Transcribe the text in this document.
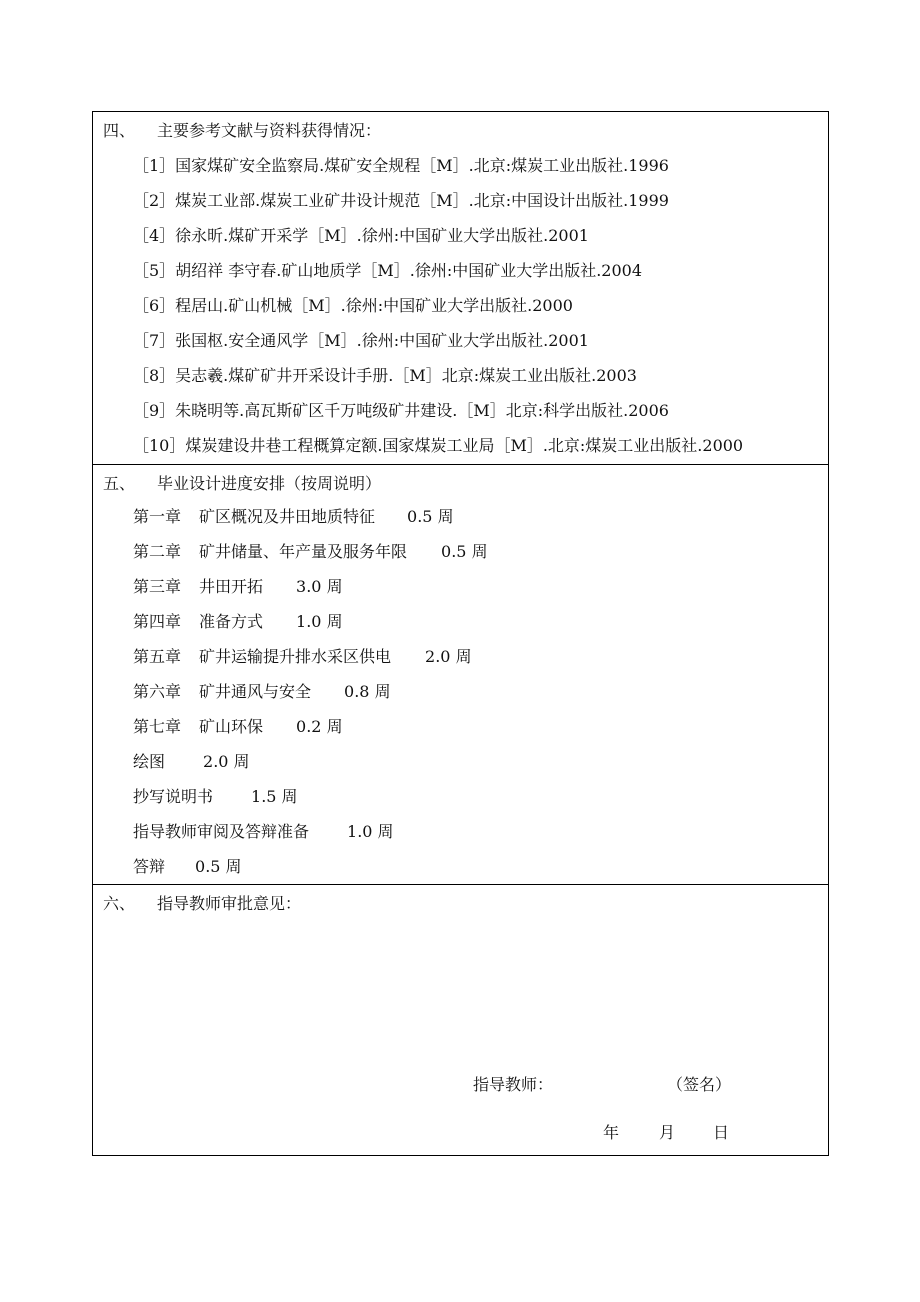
四、 主要参考文献与资料获得情况：
［1］国家煤矿安全监察局.煤矿安全规程［M］.北京:煤炭工业出版社.1996
［2］煤炭工业部.煤炭工业矿井设计规范［M］.北京:中国设计出版社.1999
［4］徐永昕.煤矿开采学［M］.徐州:中国矿业大学出版社.2001
［5］胡绍祥 李守春.矿山地质学［M］.徐州:中国矿业大学出版社.2004
［6］程居山.矿山机械［M］.徐州:中国矿业大学出版社.2000
［7］张国枢.安全通风学［M］.徐州:中国矿业大学出版社.2001
［8］吴志羲.煤矿矿井开采设计手册.［M］北京:煤炭工业出版社.2003
［9］朱晓明等.高瓦斯矿区千万吨级矿井建设.［M］北京:科学出版社.2006
［10］煤炭建设井巷工程概算定额.国家煤炭工业局［M］.北京:煤炭工业出版社.2000
五、 毕业设计进度安排（按周说明）
第一章 矿区概况及井田地质特征 0.5 周
第二章 矿井储量、年产量及服务年限 0.5 周
第三章 井田开拓 3.0 周
第四章 准备方式 1.0 周
第五章 矿井运输提升排水采区供电 2.0 周
第六章 矿井通风与安全 0.8 周
第七章 矿山环保 0.2 周
绘图 2.0 周
抄写说明书 1.5 周
指导教师审阅及答辩准备 1.0 周
答辩 0.5 周
六、 指导教师审批意见：
指导教师：	（签名）
年 月 日
